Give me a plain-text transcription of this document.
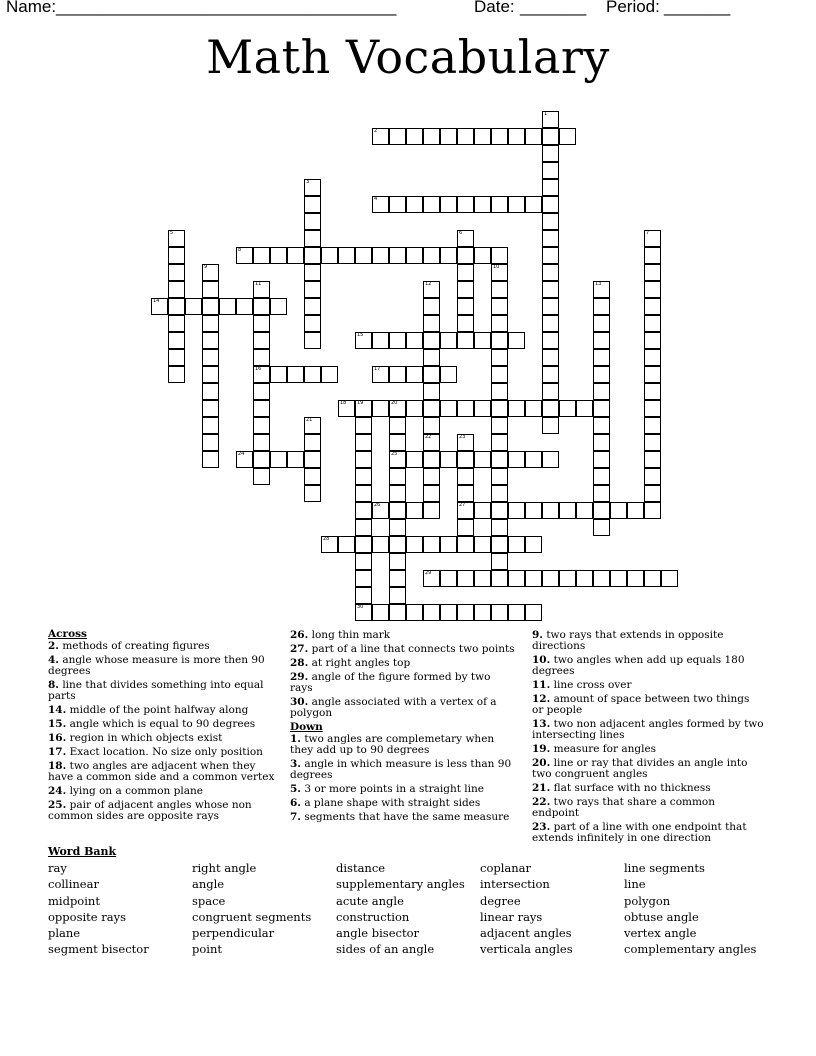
Name: ____________________________________	Date: _______ Period: _______
Math Vocabulary
1
2
3
4
5	6	7
8
9	10
11	12	13
14
15
16	17
18 19	20
21
22	23
24	25
26	27
28
29
30
Across
2. methods of creating figures
4. angle whose measure is more then 90 degrees
8. line that divides something into equal parts
14. middle of the point halfway along
15. angle which is equal to 90 degrees
16. region in which objects exist
17. Exact location. No size only position
18. two angles are adjacent when they have a common side and a common vertex
24. lying on a common plane
25. pair of adjacent angles whose non common sides are opposite rays
26. long thin mark
27. part of a line that connects two points
28. at right angles top
29. angle of the figure formed by two rays
30. angle associated with a vertex of a polygon
Down
1. two angles are complemetary when they add up to 90 degrees
3. angle in which measure is less than 90 degrees
5. 3 or more points in a straight line
6. a plane shape with straight sides
7. segments that have the same measure
9. two rays that extends in opposite directions
10. two angles when add up equals 180 degrees
11. line cross over
12. amount of space between two things or people
13. two non adjacent angles formed by two intersecting lines
19. measure for angles
20. line or ray that divides an angle into two congruent angles
21. flat surface with no thickness
22. two rays that share a common endpoint
23. part of a line with one endpoint that extends infinitely in one direction
Word Bank
ray
collinear
midpoint
opposite rays
plane
segment bisector
right angle
angle
space
congruent segments
perpendicular
point
distance
supplementary angles
acute angle
construction
angle bisector
sides of an angle
coplanar
intersection
degree
linear rays
adjacent angles
verticala angles
line segments
line
polygon
obtuse angle
vertex angle
complementary angles
